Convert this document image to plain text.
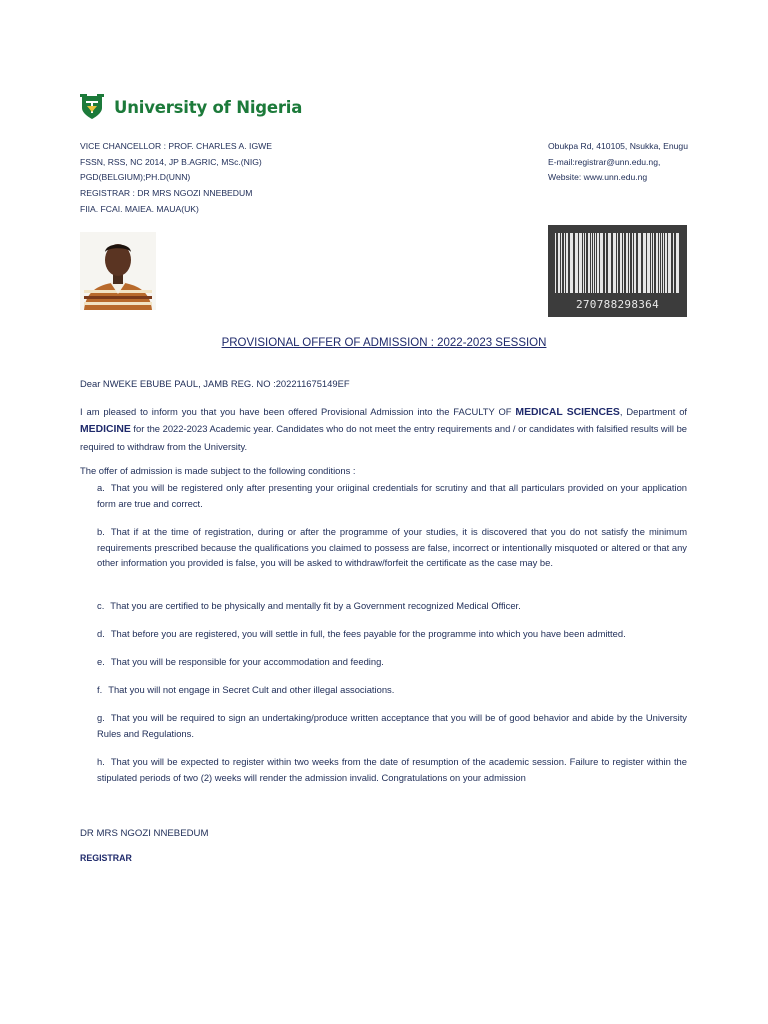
University of Nigeria
VICE CHANCELLOR : PROF. CHARLES A. IGWE
FSSN, RSS, NC 2014, JP B.AGRIC, MSc.(NIG)
PGD(BELGIUM);PH.D(UNN)
REGISTRAR : DR MRS NGOZI NNEBEDUM
FIIA. FCAI. MAIEA. MAUA(UK)
Obukpa Rd, 410105, Nsukka, Enugu
E-mail:registrar@unn.edu.ng,
Website: www.unn.edu.ng
270788298364
PROVISIONAL OFFER OF ADMISSION : 2022-2023 SESSION
Dear NWEKE EBUBE PAUL, JAMB REG. NO :202211675149EF
I am pleased to inform you that you have been offered Provisional Admission into the FACULTY OF MEDICAL SCIENCES, Department of MEDICINE for the 2022-2023 Academic year. Candidates who do not meet the entry requirements and / or candidates with falsified results will be required to withdraw from the University.
The offer of admission is made subject to the following conditions :
a. That you will be registered only after presenting your oriiginal credentials for scrutiny and that all particulars provided on your application form are true and correct.
b. That if at the time of registration, during or after the programme of your studies, it is discovered that you do not satisfy the minimum requirements prescribed because the qualifications you claimed to possess are false, incorrect or intentionally misquoted or altered or that any other information you provided is false, you will be asked to withdraw/forfeit the certificate as the case may be.
c. That you are certified to be physically and mentally fit by a Government recognized Medical Officer.
d. That before you are registered, you will settle in full, the fees payable for the programme into which you have been admitted.
e. That you will be responsible for your accommodation and feeding.
f. That you will not engage in Secret Cult and other illegal associations.
g. That you will be required to sign an undertaking/produce written acceptance that you will be of good behavior and abide by the University Rules and Regulations.
h. That you will be expected to register within two weeks from the date of resumption of the academic session. Failure to register within the stipulated periods of two (2) weeks will render the admission invalid. Congratulations on your admission
DR MRS NGOZI NNEBEDUM
REGISTRAR
